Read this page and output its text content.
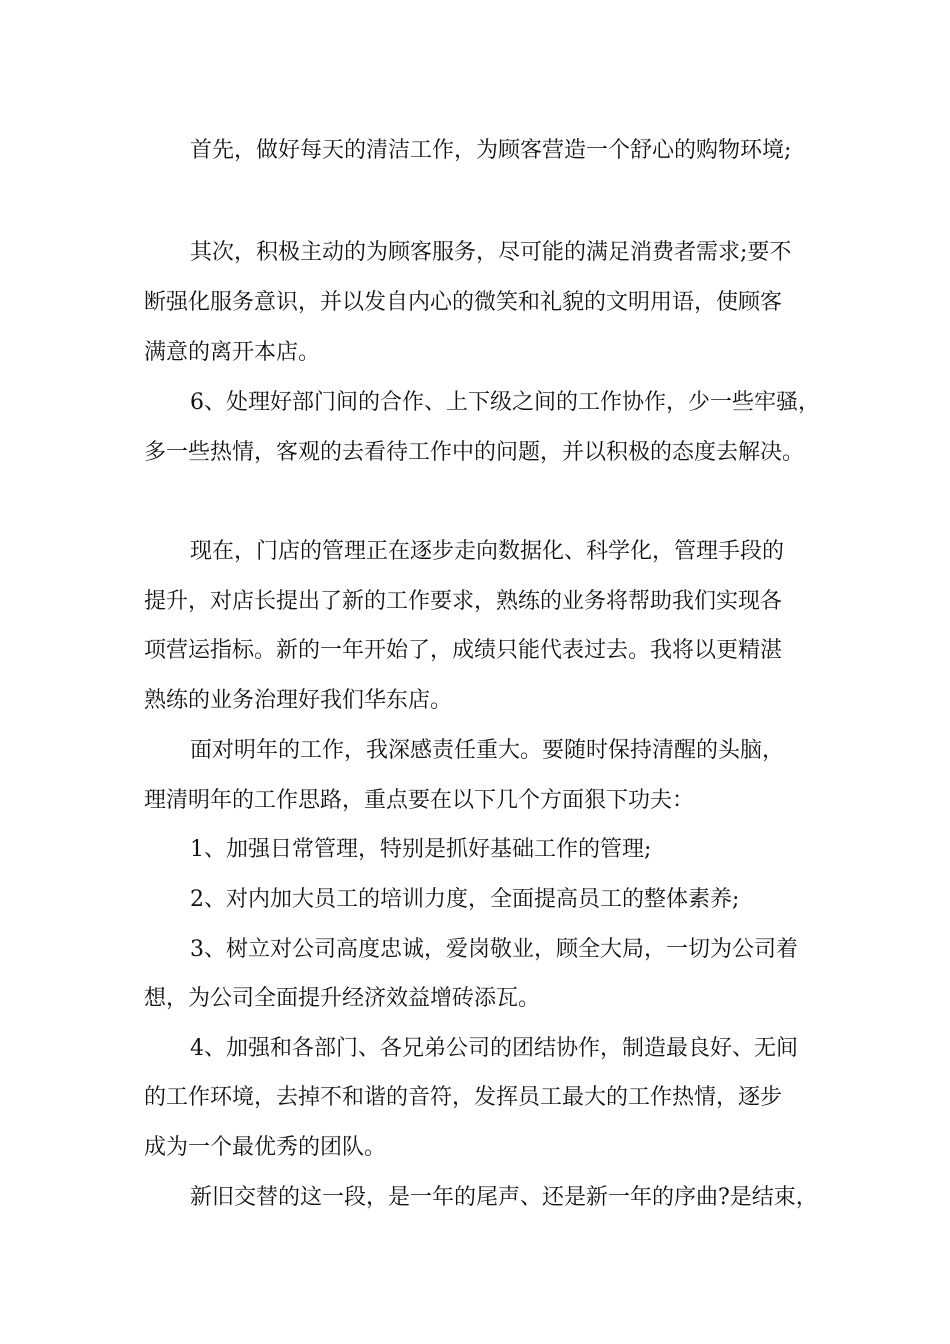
首先，做好每天的清洁工作，为顾客营造一个舒心的购物环境;
其次，积极主动的为顾客服务，尽可能的满足消费者需求;要不
断强化服务意识，并以发自内心的微笑和礼貌的文明用语，使顾客
满意的离开本店。
6、处理好部门间的合作、上下级之间的工作协作，少一些牢骚，
多一些热情，客观的去看待工作中的问题，并以积极的态度去解决。
现在，门店的管理正在逐步走向数据化、科学化，管理手段的
提升，对店长提出了新的工作要求，熟练的业务将帮助我们实现各
项营运指标。新的一年开始了，成绩只能代表过去。我将以更精湛
熟练的业务治理好我们华东店。
面对明年的工作，我深感责任重大。要随时保持清醒的头脑，
理清明年的工作思路，重点要在以下几个方面狠下功夫：
1、加强日常管理，特别是抓好基础工作的管理;
2、对内加大员工的培训力度，全面提高员工的整体素养;
3、树立对公司高度忠诚，爱岗敬业，顾全大局，一切为公司着
想，为公司全面提升经济效益增砖添瓦。
4、加强和各部门、各兄弟公司的团结协作，制造最良好、无间
的工作环境，去掉不和谐的音符，发挥员工最大的工作热情，逐步
成为一个最优秀的团队。
新旧交替的这一段，是一年的尾声、还是新一年的序曲?是结束，
